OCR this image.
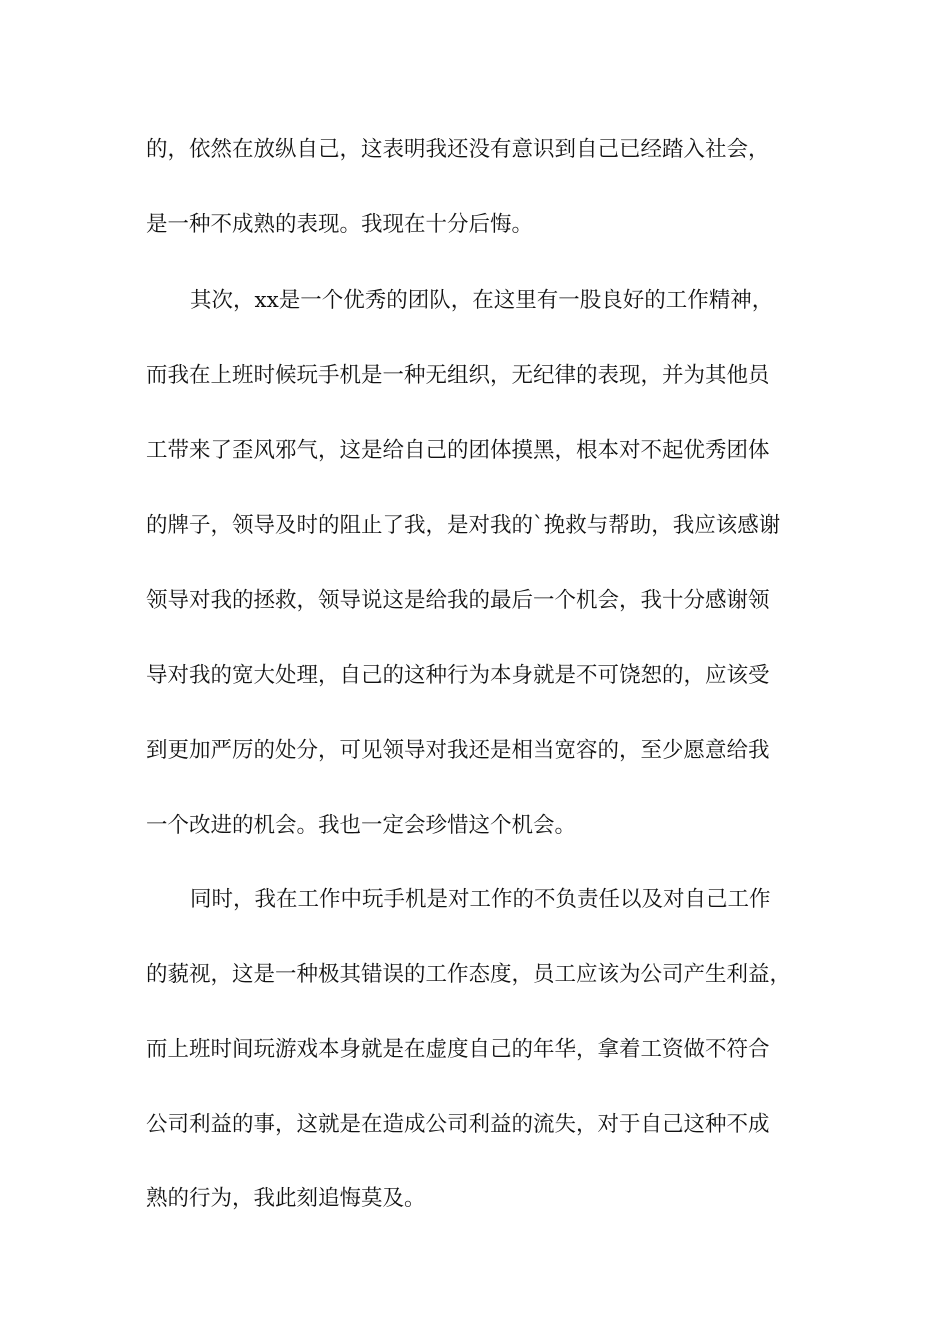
的，依然在放纵自己，这表明我还没有意识到自己已经踏入社会，
是一种不成熟的表现。我现在十分后悔。
其次，xx是一个优秀的团队，在这里有一股良好的工作精神，
而我在上班时候玩手机是一种无组织，无纪律的表现，并为其他员
工带来了歪风邪气，这是给自己的团体摸黑，根本对不起优秀团体
的牌子，领导及时的阻止了我，是对我的`挽救与帮助，我应该感谢
领导对我的拯救，领导说这是给我的最后一个机会，我十分感谢领
导对我的宽大处理，自己的这种行为本身就是不可饶恕的，应该受
到更加严厉的处分，可见领导对我还是相当宽容的，至少愿意给我
一个改进的机会。我也一定会珍惜这个机会。
同时，我在工作中玩手机是对工作的不负责任以及对自己工作
的藐视，这是一种极其错误的工作态度，员工应该为公司产生利益，
而上班时间玩游戏本身就是在虚度自己的年华，拿着工资做不符合
公司利益的事，这就是在造成公司利益的流失，对于自己这种不成
熟的行为，我此刻追悔莫及。
